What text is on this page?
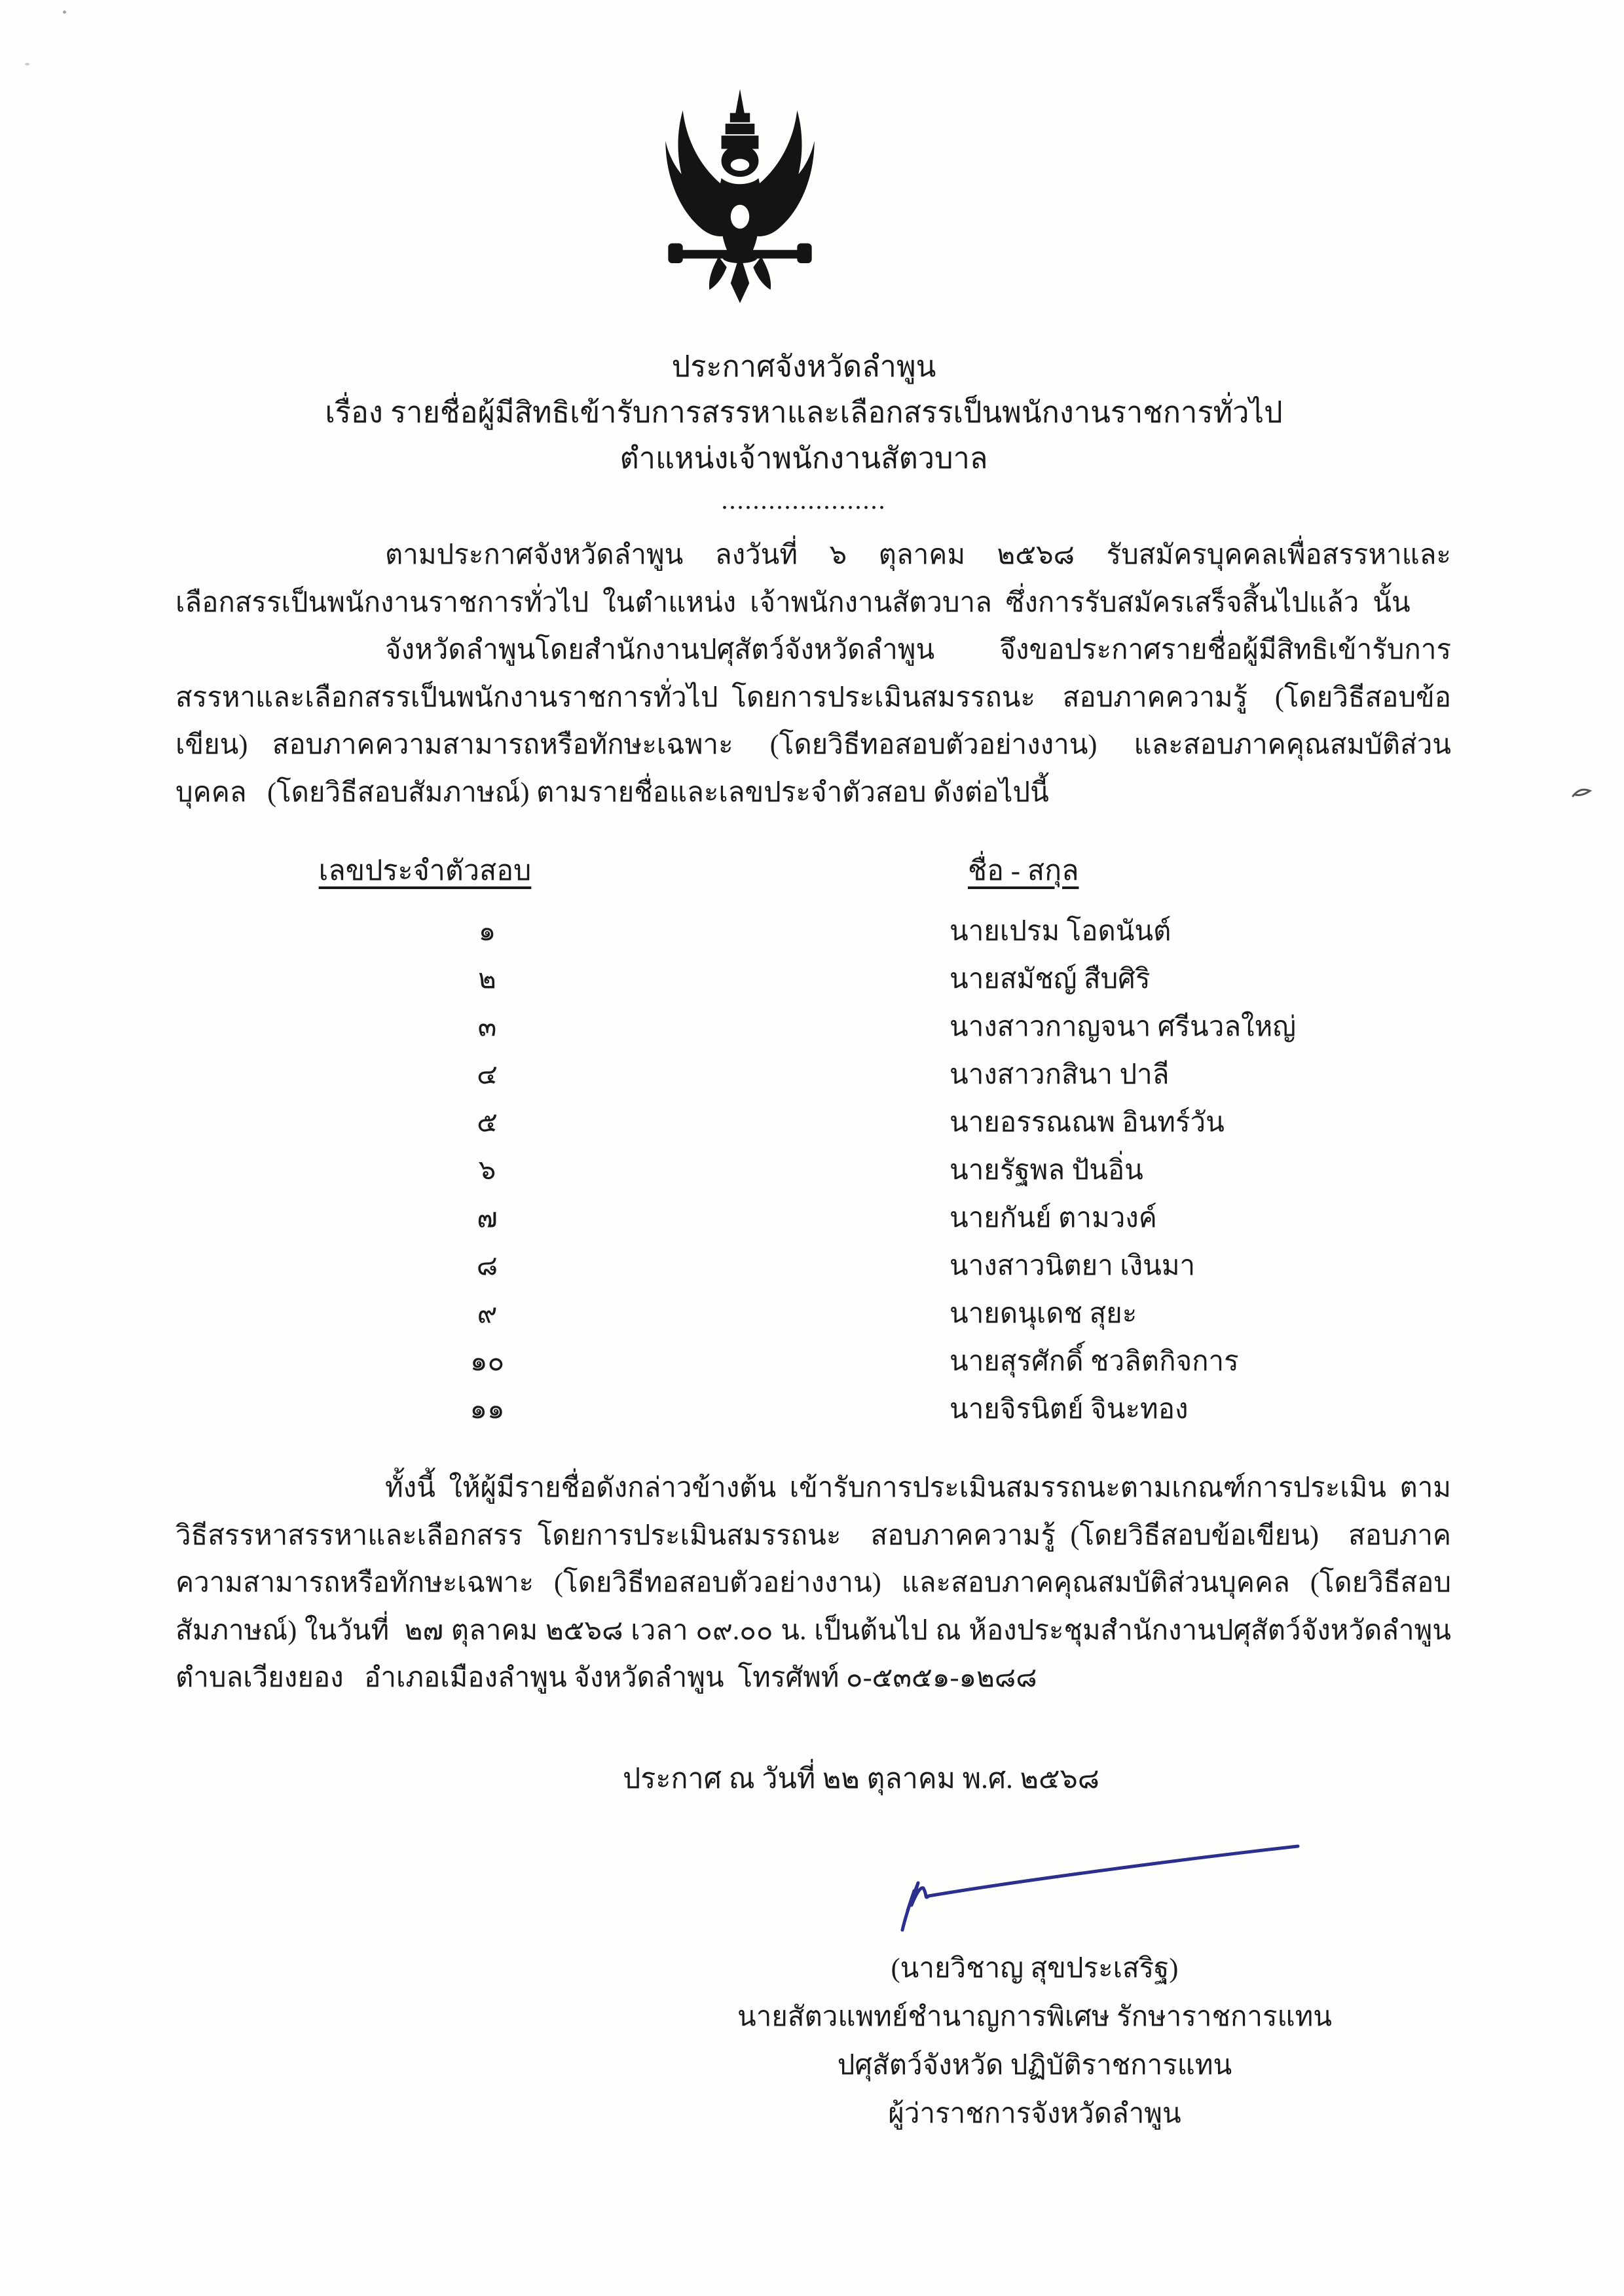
ประกาศจังหวัดลำพูน
เรื่อง รายชื่อผู้มีสิทธิเข้ารับการสรรหาและเลือกสรรเป็นพนักงานราชการทั่วไป
ตำแหน่งเจ้าพนักงานสัตวบาล
.....................
ตามประกาศจังหวัดลำพูน  ลงวันที่  ๖  ตุลาคม  ๒๕๖๘  รับสมัครบุคคลเพื่อสรรหาและเลือกสรรเป็นพนักงานราชการทั่วไป  ในตำแหน่ง  เจ้าพนักงานสัตวบาล  ซึ่งการรับสมัครเสร็จสิ้นไปแล้ว  นั้น
จังหวัดลำพูนโดยสำนักงานปศุสัตว์จังหวัดลำพูน      จึงขอประกาศรายชื่อผู้มีสิทธิเข้ารับการสรรหาและเลือกสรรเป็นพนักงานราชการทั่วไป โดยการประเมินสมรรถนะ  สอบภาคความรู้  (โดยวิธีสอบข้อเขียน)  สอบภาคความสามารถหรือทักษะเฉพาะ   (โดยวิธีทอสอบตัวอย่างงาน)   และสอบภาคคุณสมบัติส่วนบุคคล   (โดยวิธีสอบสัมภาษณ์) ตามรายชื่อและเลขประจำตัวสอบ ดังต่อไปนี้
เลขประจำตัวสอบ	ชื่อ - สกุล
๑	นายเปรม โอดนันต์
๒	นายสมัชญ์ สืบศิริ
๓	นางสาวกาญจนา ศรีนวลใหญ่
๔	นางสาวกสินา ปาลี
๕	นายอรรณณพ อินทร์วัน
๖	นายรัฐพล ปันอิ่น
๗	นายกันย์ ตามวงค์
๘	นางสาวนิตยา เงินมา
๙	นายดนุเดช สุยะ
๑๐	นายสุรศักดิ์ ชวลิตกิจการ
๑๑	นายจิรนิตย์ จินะทอง
ทั้งนี้ ให้ผู้มีรายชื่อดังกล่าวข้างต้น เข้ารับการประเมินสมรรถนะตามเกณฑ์การประเมิน ตามวิธีสรรหาสรรหาและเลือกสรร โดยการประเมินสมรรถนะ  สอบภาคความรู้ (โดยวิธีสอบข้อเขียน)  สอบภาคความสามารถหรือทักษะเฉพาะ (โดยวิธีทอสอบตัวอย่างงาน) และสอบภาคคุณสมบัติส่วนบุคคล (โดยวิธีสอบสัมภาษณ์) ในวันที่  ๒๗ ตุลาคม ๒๕๖๘ เวลา ๐๙.๐๐ น. เป็นต้นไป ณ ห้องประชุมสำนักงานปศุสัตว์จังหวัดลำพูน  ตำบลเวียงยอง   อำเภอเมืองลำพูน จังหวัดลำพูน  โทรศัพท์ ๐-๕๓๕๑-๑๒๘๘
ประกาศ ณ วันที่ ๒๒ ตุลาคม พ.ศ. ๒๕๖๘
(นายวิชาญ สุขประเสริฐ)
นายสัตวแพทย์ชำนาญการพิเศษ รักษาราชการแทน
ปศุสัตว์จังหวัด ปฏิบัติราชการแทน
ผู้ว่าราชการจังหวัดลำพูน
